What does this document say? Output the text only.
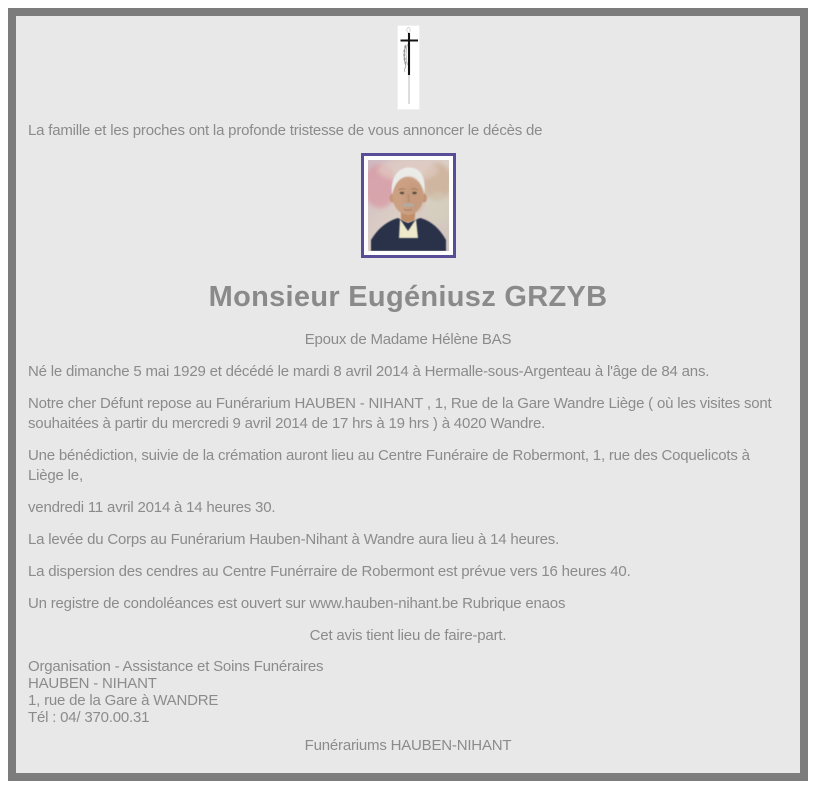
La famille et les proches ont la profonde tristesse de vous annoncer le décès de

Monsieur Eugéniusz GRZYB

Epoux de Madame Hélène BAS

Né le dimanche 5 mai 1929 et décédé le mardi 8 avril 2014 à Hermalle-sous-Argenteau à l'âge de 84 ans.

Notre cher Défunt repose au Funérarium HAUBEN - NIHANT , 1, Rue de la Gare Wandre Liège ( où les visites sont souhaitées à partir du mercredi 9 avril 2014 de 17 hrs à 19 hrs ) à 4020 Wandre.

Une bénédiction, suivie de la crémation auront lieu au Centre Funéraire de Robermont, 1, rue des Coquelicots à Liège le,

vendredi 11 avril 2014 à 14 heures 30.

La levée du Corps au Funérarium Hauben-Nihant à Wandre aura lieu à 14 heures.

La dispersion des cendres au Centre Funérraire de Robermont est prévue vers 16 heures 40.

Un registre de condoléances est ouvert sur www.hauben-nihant.be Rubrique enaos

Cet avis tient lieu de faire-part.

Organisation - Assistance et Soins Funéraires
HAUBEN - NIHANT
1, rue de la Gare à WANDRE
Tél : 04/ 370.00.31

Funérariums HAUBEN-NIHANT
